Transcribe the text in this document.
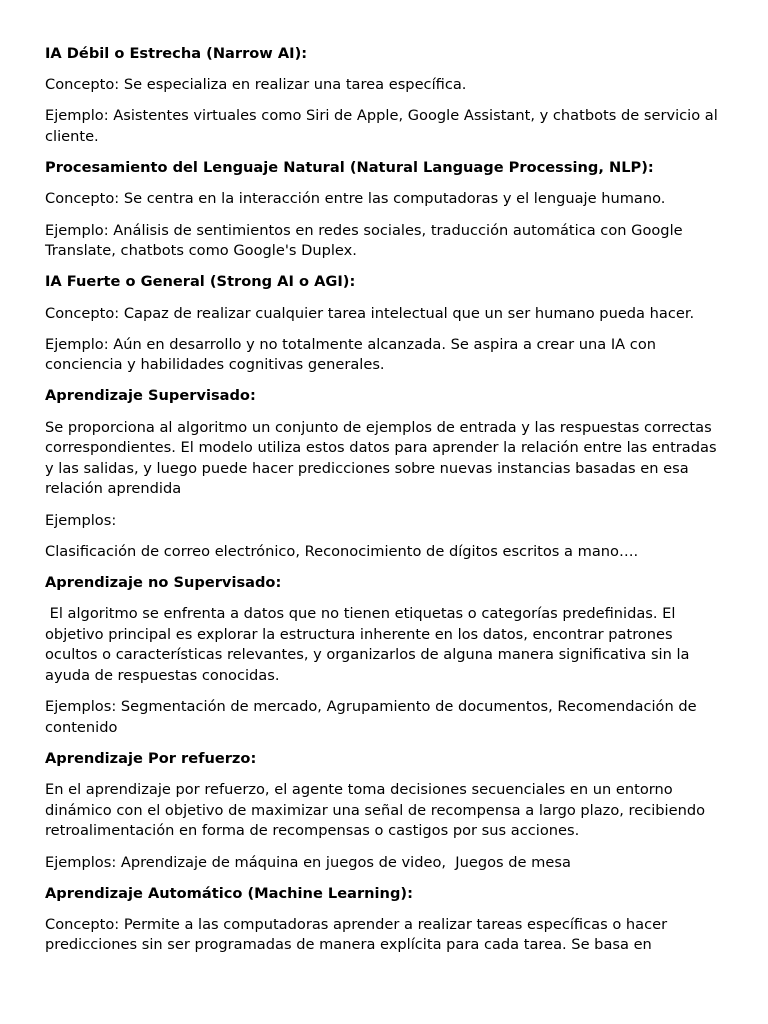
IA Débil o Estrecha (Narrow AI):

Concepto: Se especializa en realizar una tarea específica.

Ejemplo: Asistentes virtuales como Siri de Apple, Google Assistant, y chatbots de servicio al cliente.

Procesamiento del Lenguaje Natural (Natural Language Processing, NLP):

Concepto: Se centra en la interacción entre las computadoras y el lenguaje humano.

Ejemplo: Análisis de sentimientos en redes sociales, traducción automática con Google Translate, chatbots como Google's Duplex.

IA Fuerte o General (Strong AI o AGI):

Concepto: Capaz de realizar cualquier tarea intelectual que un ser humano pueda hacer.

Ejemplo: Aún en desarrollo y no totalmente alcanzada. Se aspira a crear una IA con conciencia y habilidades cognitivas generales.

Aprendizaje Supervisado:

Se proporciona al algoritmo un conjunto de ejemplos de entrada y las respuestas correctas correspondientes. El modelo utiliza estos datos para aprender la relación entre las entradas y las salidas, y luego puede hacer predicciones sobre nuevas instancias basadas en esa relación aprendida

Ejemplos:

Clasificación de correo electrónico, Reconocimiento de dígitos escritos a mano….

Aprendizaje no Supervisado:

El algoritmo se enfrenta a datos que no tienen etiquetas o categorías predefinidas. El objetivo principal es explorar la estructura inherente en los datos, encontrar patrones ocultos o características relevantes, y organizarlos de alguna manera significativa sin la ayuda de respuestas conocidas.

Ejemplos: Segmentación de mercado, Agrupamiento de documentos, Recomendación de contenido

Aprendizaje Por refuerzo:

En el aprendizaje por refuerzo, el agente toma decisiones secuenciales en un entorno dinámico con el objetivo de maximizar una señal de recompensa a largo plazo, recibiendo retroalimentación en forma de recompensas o castigos por sus acciones.

Ejemplos: Aprendizaje de máquina en juegos de video,  Juegos de mesa

Aprendizaje Automático (Machine Learning):

Concepto: Permite a las computadoras aprender a realizar tareas específicas o hacer predicciones sin ser programadas de manera explícita para cada tarea. Se basa en
